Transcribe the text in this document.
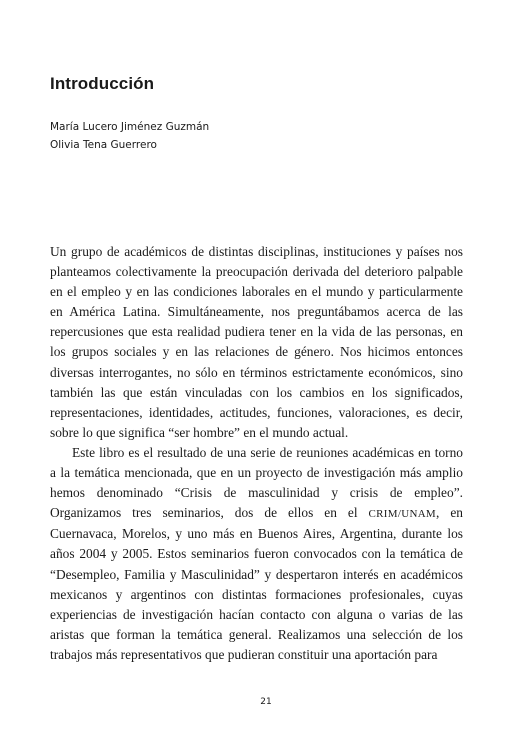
Introducción
María Lucero Jiménez Guzmán
Olivia Tena Guerrero

Un grupo de académicos de distintas disciplinas, instituciones y países nos planteamos colectivamente la preocupación derivada del deterioro palpable en el empleo y en las condiciones laborales en el mundo y particularmente en América Latina. Simultáneamente, nos preguntábamos acerca de las repercusiones que esta realidad pudiera tener en la vida de las personas, en los grupos sociales y en las relaciones de género. Nos hicimos entonces diversas interrogantes, no sólo en términos estrictamente económicos, sino también las que están vinculadas con los cambios en los significados, representaciones, identidades, actitudes, funciones, valoraciones, es decir, sobre lo que significa “ser hombre” en el mundo actual.

Este libro es el resultado de una serie de reuniones académicas en torno a la temática mencionada, que en un proyecto de investigación más amplio hemos denominado “Crisis de masculinidad y crisis de empleo”. Organizamos tres seminarios, dos de ellos en el CRIM/UNAM, en Cuernavaca, Morelos, y uno más en Buenos Aires, Argentina, durante los años 2004 y 2005. Estos seminarios fueron convocados con la temática de “Desempleo, Familia y Masculinidad” y despertaron interés en académicos mexicanos y argentinos con distintas formaciones profesionales, cuyas experiencias de investigación hacían contacto con alguna o varias de las aristas que forman la temática general. Realizamos una selección de los trabajos más representativos que pudieran constituir una aportación para

21
